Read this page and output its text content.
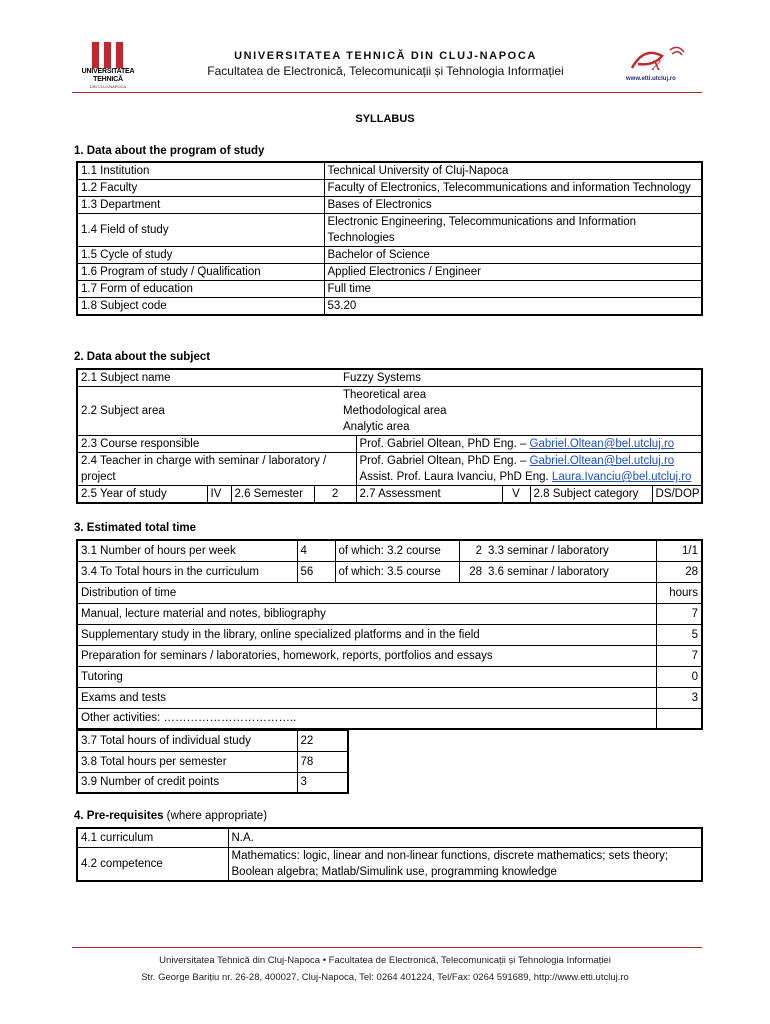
UNIVERSITATEA
TEHNICĂ
DIN CLUJ-NAPOCA
UNIVERSITATEA TEHNICĂ DIN CLUJ-NAPOCA
Facultatea de Electronică, Telecomunicații și Tehnologia Informației	x
www.etti.utcluj.ro
SYLLABUS
1. Data about the program of study
1.1 Institution	Technical University of Cluj-Napoca
1.2 Faculty	Faculty of Electronics, Telecommunications and information Technology
1.3 Department	Bases of Electronics
1.4 Field of study	Electronic Engineering, Telecommunications and Information Technologies
1.5 Cycle of study	Bachelor of Science
1.6 Program of study / Qualification	Applied Electronics / Engineer
1.7 Form of education	Full time
1.8 Subject code	53.20
2. Data about the subject
2.1 Subject name			Fuzzy Systems					
2.2 Subject area			Theoretical area
Methodological area
Analytic area					

2.3 Course responsible					Prof. Gabriel Oltean, PhD Eng. – Gabriel.Oltean@bel.utcluj.ro			
2.4 Teacher in charge with seminar / laboratory / project					Prof. Gabriel Oltean, PhD Eng. – Gabriel.Oltean@bel.utcluj.ro
Assist. Prof. Laura Ivanciu, PhD Eng. Laura.Ivanciu@bel.utcluj.ro			

2.5 Year of study	IV	2.6 Semester		2	2.7 Assessment	V	2.8 Subject category	DS/DOP
3. Estimated total time
3.1 Number of hours per week	4	of which: 3.2 course	2	3.3 seminar / laboratory	1/1
3.4 To Total hours in the curriculum	56	of which: 3.5 course	28	3.6 seminar / laboratory	28
Distribution of time					hours
Manual, lecture material and notes, bibliography					7
Supplementary study in the library, online specialized platforms and in the field					5
Preparation for seminars / laboratories, homework, reports, portfolios and essays					7
Tutoring					0
Exams and tests					3
Other activities: ……………………………..					
3.7 Total hours of individual study	22
3.8 Total hours per semester	78
3.9 Number of credit points	3
4. Pre-requisites (where appropriate)
4.1 curriculum	N.A.
4.2 competence	Mathematics: logic, linear and non-linear functions, discrete mathematics; sets theory; Boolean algebra; Matlab/Simulink use, programming knowledge
Universitatea Tehnică din Cluj-Napoca • Facultatea de Electronică, Telecomunicații și Tehnologia Informației
Str. George Barițiu nr. 26-28, 400027, Cluj-Napoca, Tel: 0264 401224, Tel/Fax: 0264 591689, http://www.etti.utcluj.ro
